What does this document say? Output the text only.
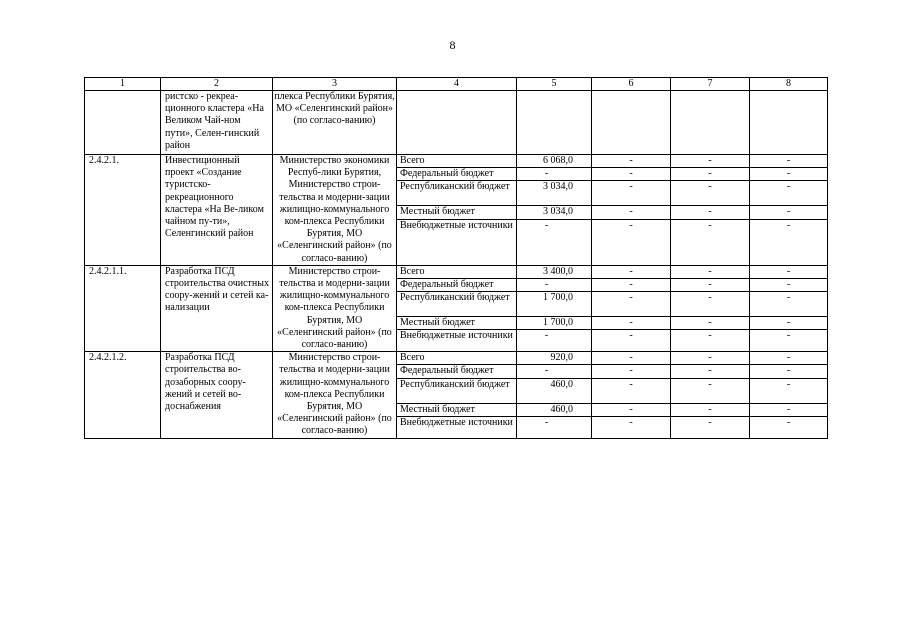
8
1	2	3	4	5	6	7	8
	ристско - рекреа-ционного кластера «На Великом Чай-ном пути», Селен-гинский район	плекса Республики Бурятия, МО «Селенгинский район» (по согласо-ванию)					
2.4.2.1.	Инвестиционный проект «Создание туристско-рекреационного кластера «На Ве-ликом чайном пу-ти», Селенгинский район	Министерство экономики Респуб-лики Бурятия, Министерство строи-тельства и модерни-зации жилищно-коммунального ком-плекса Республики Бурятия, МО «Селенгинский район» (по согласо-ванию)	Всего	6 068,0	-	-	-
			Федеральный бюджет	-	-	-	-
			Республиканский бюджет	3 034,0	-	-	-
			Местный бюджет	3 034,0	-	-	-
			Внебюджетные источники	-	-	-	-
2.4.2.1.1.	Разработка ПСД строительства очистных соору-жений и сетей ка-нализации	Министерство строи-тельства и модерни-зации жилищно-коммунального ком-плекса Республики Бурятия, МО «Селенгинский район» (по согласо-ванию)	Всего	3 400,0	-	-	-
			Федеральный бюджет	-	-	-	-
			Республиканский бюджет	1 700,0	-	-	-
			Местный бюджет	1 700,0	-	-	-
			Внебюджетные источники	-	-	-	-
2.4.2.1.2.	Разработка ПСД строительства во-дозаборных соору-жений и сетей во-доснабжения	Министерство строи-тельства и модерни-зации жилищно-коммунального ком-плекса Республики Бурятия, МО «Селенгинский район» (по согласо-ванию)	Всего	920,0	-	-	-
			Федеральный бюджет	-	-	-	-
			Республиканский бюджет	460,0	-	-	-
			Местный бюджет	460,0	-	-	-
			Внебюджетные источники	-	-	-	-
